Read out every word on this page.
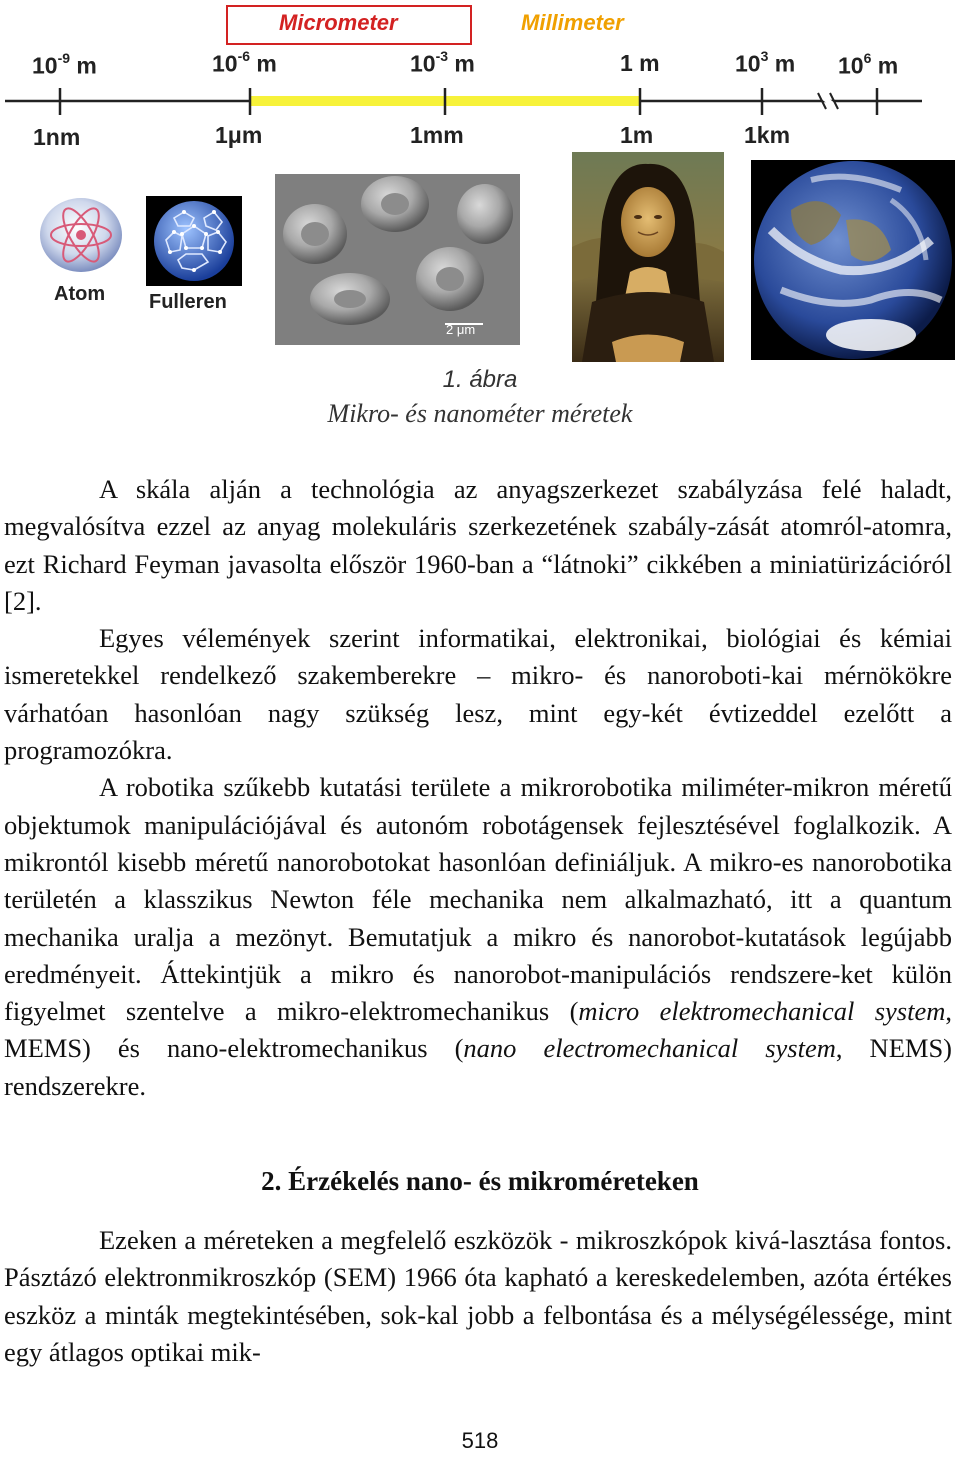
Micrometer	Millimeter
$10^{-9}$ m	$10^{-6}$ m	$10^{-3}$ m	1 m	$10^3$ m $10^6$ m
1nm	1μm	1mm	1m	1km
Atom Fulleren
2 μm
1. ábra
Mikro- és nanométer méretek

A skála alján a technológia az anyagszerkezet szabályzása felé haladt, megvalósítva ezzel az anyag molekuláris szerkezetének szabály-zását atomról-atomra, ezt Richard Feyman javasolta először 1960-ban a “látnoki” cikkében a miniatürizációról [2].

Egyes vélemények szerint informatikai, elektronikai, biológiai és kémiai ismeretekkel rendelkező szakemberekre – mikro- és nanoroboti-kai mérnökökre várhatóan hasonlóan nagy szükség lesz, mint egy-két évtizeddel ezelőtt a programozókra.

A robotika szűkebb kutatási területe a mikrorobotika miliméter-mikron méretű objektumok manipulációjával és autonóm robotágensek fejlesztésével foglalkozik. A mikrontól kisebb méretű nanorobotokat hasonlóan definiáljuk. A mikro-es nanorobotika területén a klasszikus Newton féle mechanika nem alkalmazható, itt a quantum mechanika uralja a mezönyt. Bemutatjuk a mikro és nanorobot-kutatások legújabb eredményeit. Áttekintjük a mikro és nanorobot-manipulációs rendszere-ket külön figyelmet szentelve a mikro-elektromechanikus (micro elektromechanical system, MEMS) és nano-elektromechanikus (nano electromechanical system, NEMS) rendszerekre.

2. Érzékelés nano- és mikroméreteken

Ezeken a méreteken a megfelelő eszközök - mikroszkópok kivá-lasztása fontos. Pásztázó elektronmikroszkóp (SEM) 1966 óta kapható a kereskedelemben, azóta értékes eszköz a minták megtekintésében, sok-kal jobb a felbontása és a mélységélessége, mint egy átlagos optikai mik-

518
